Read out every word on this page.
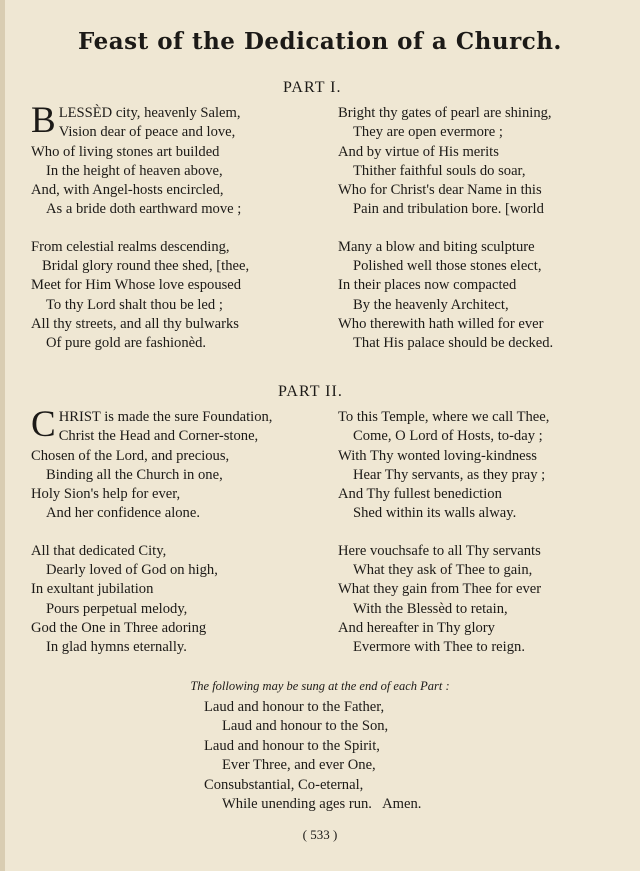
Feast of the Dedication of a Church.
PART I.
B LESSÈD city, heavenly Salem,
Vision dear of peace and love,
Who of living stones art builded
In the height of heaven above,
And, with Angel-hosts encircled,
As a bride doth earthward move ;
From celestial realms descending,
Bridal glory round thee shed, [thee,
Meet for Him Whose love espoused
To thy Lord shalt thou be led ;
All thy streets, and all thy bulwarks
Of pure gold are fashionèd.
Bright thy gates of pearl are shining,
They are open evermore ;
And by virtue of His merits
Thither faithful souls do soar,
Who for Christ's dear Name in this
Pain and tribulation bore. [world
Many a blow and biting sculpture
Polished well those stones elect,
In their places now compacted
By the heavenly Architect,
Who therewith hath willed for ever
That His palace should be decked.
PART II.
C HRIST is made the sure Foundation,
Christ the Head and Corner-stone,
Chosen of the Lord, and precious,
Binding all the Church in one,
Holy Sion's help for ever,
And her confidence alone.
All that dedicated City,
Dearly loved of God on high,
In exultant jubilation
Pours perpetual melody,
God the One in Three adoring
In glad hymns eternally.
To this Temple, where we call Thee,
Come, O Lord of Hosts, to-day ;
With Thy wonted loving-kindness
Hear Thy servants, as they pray ;
And Thy fullest benediction
Shed within its walls alway.
Here vouchsafe to all Thy servants
What they ask of Thee to gain,
What they gain from Thee for ever
With the Blessèd to retain,
And hereafter in Thy glory
Evermore with Thee to reign.
The following may be sung at the end of each Part :
Laud and honour to the Father,
Laud and honour to the Son,
Laud and honour to the Spirit,
Ever Three, and ever One,
Consubstantial, Co-eternal,
While unending ages run.   Amen.
( 533 )
